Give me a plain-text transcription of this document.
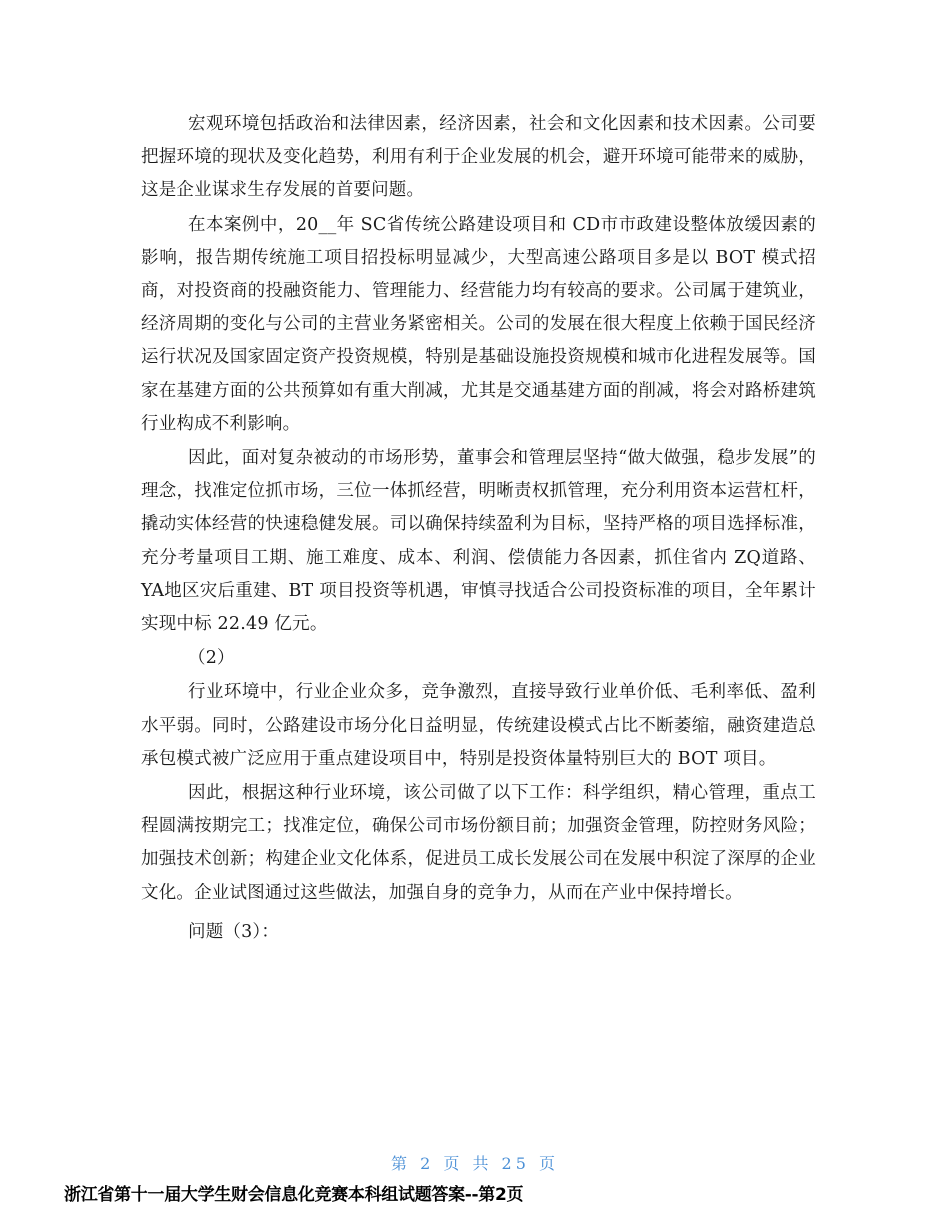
宏观环境包括政治和法律因素，经济因素，社会和文化因素和技术因素。公司要把握环境的现状及变化趋势，利用有利于企业发展的机会，避开环境可能带来的威胁，这是企业谋求生存发展的首要问题。

在本案例中，20__年 SC省传统公路建设项目和 CD市市政建设整体放缓因素的影响，报告期传统施工项目招投标明显减少，大型高速公路项目多是以 BOT 模式招商，对投资商的投融资能力、管理能力、经营能力均有较高的要求。公司属于建筑业，经济周期的变化与公司的主营业务紧密相关。公司的发展在很大程度上依赖于国民经济运行状况及国家固定资产投资规模，特别是基础设施投资规模和城市化进程发展等。国家在基建方面的公共预算如有重大削减，尤其是交通基建方面的削减，将会对路桥建筑行业构成不利影响。

因此，面对复杂被动的市场形势，董事会和管理层坚持“做大做强，稳步发展”的理念，找准定位抓市场，三位一体抓经营，明晰责权抓管理，充分利用资本运营杠杆，撬动实体经营的快速稳健发展。司以确保持续盈利为目标，坚持严格的项目选择标准，充分考量项目工期、施工难度、成本、利润、偿债能力各因素，抓住省内 ZQ道路、YA地区灾后重建、BT 项目投资等机遇，审慎寻找适合公司投资标准的项目，全年累计实现中标 22.49 亿元。

（2）

行业环境中，行业企业众多，竞争激烈，直接导致行业单价低、毛利率低、盈利水平弱。同时，公路建设市场分化日益明显，传统建设模式占比不断萎缩，融资建造总承包模式被广泛应用于重点建设项目中，特别是投资体量特别巨大的 BOT 项目。

因此，根据这种行业环境，该公司做了以下工作：科学组织，精心管理，重点工程圆满按期完工；找准定位，确保公司市场份额目前；加强资金管理，防控财务风险；加强技术创新；构建企业文化体系，促进员工成长发展公司在发展中积淀了深厚的企业文化。企业试图通过这些做法，加强自身的竞争力，从而在产业中保持增长。

问题（3）：

第 2 页 共 25 页
浙江省第十一届大学生财会信息化竞赛本科组试题答案--第2页
